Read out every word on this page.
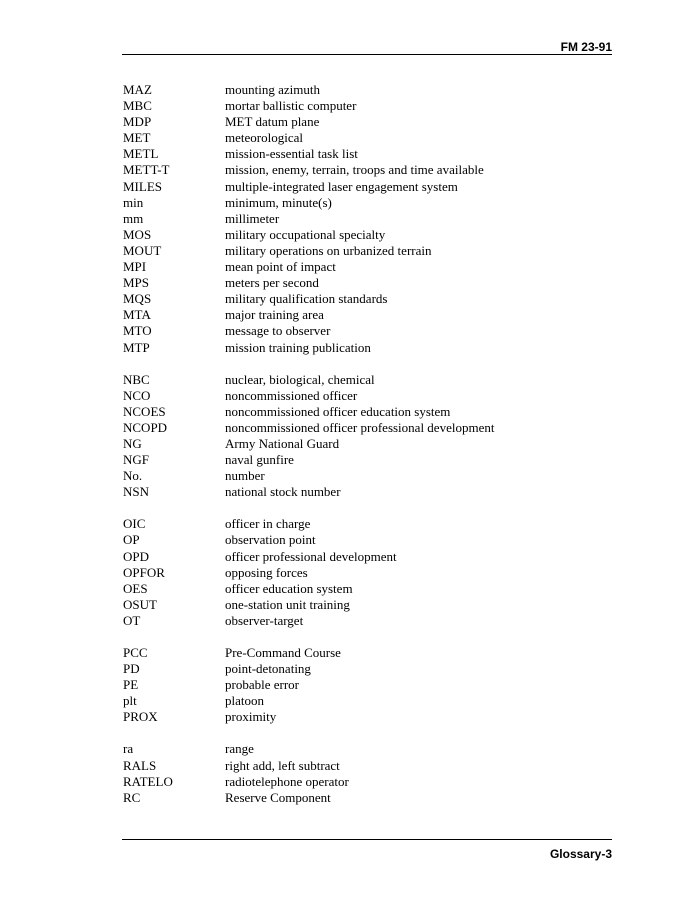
FM 23-91
MAZ	mounting azimuth
MBC	mortar ballistic computer
MDP	MET datum plane
MET	meteorological
METL	mission-essential task list
METT-T	mission, enemy, terrain, troops and time available
MILES	multiple-integrated laser engagement system
min	minimum, minute(s)
mm	millimeter
MOS	military occupational specialty
MOUT	military operations on urbanized terrain
MPI	mean point of impact
MPS	meters per second
MQS	military qualification standards
MTA	major training area
MTO	message to observer
MTP	mission training publication
NBC	nuclear, biological, chemical
NCO	noncommissioned officer
NCOES	noncommissioned officer education system
NCOPD	noncommissioned officer professional development
NG	Army National Guard
NGF	naval gunfire
No.	number
NSN	national stock number
OIC	officer in charge
OP	observation point
OPD	officer professional development
OPFOR	opposing forces
OES	officer education system
OSUT	one-station unit training
OT	observer-target
PCC	Pre-Command Course
PD	point-detonating
PE	probable error
plt	platoon
PROX	proximity
ra	range
RALS	right add, left subtract
RATELO	radiotelephone operator
RC	Reserve Component
Glossary-3
